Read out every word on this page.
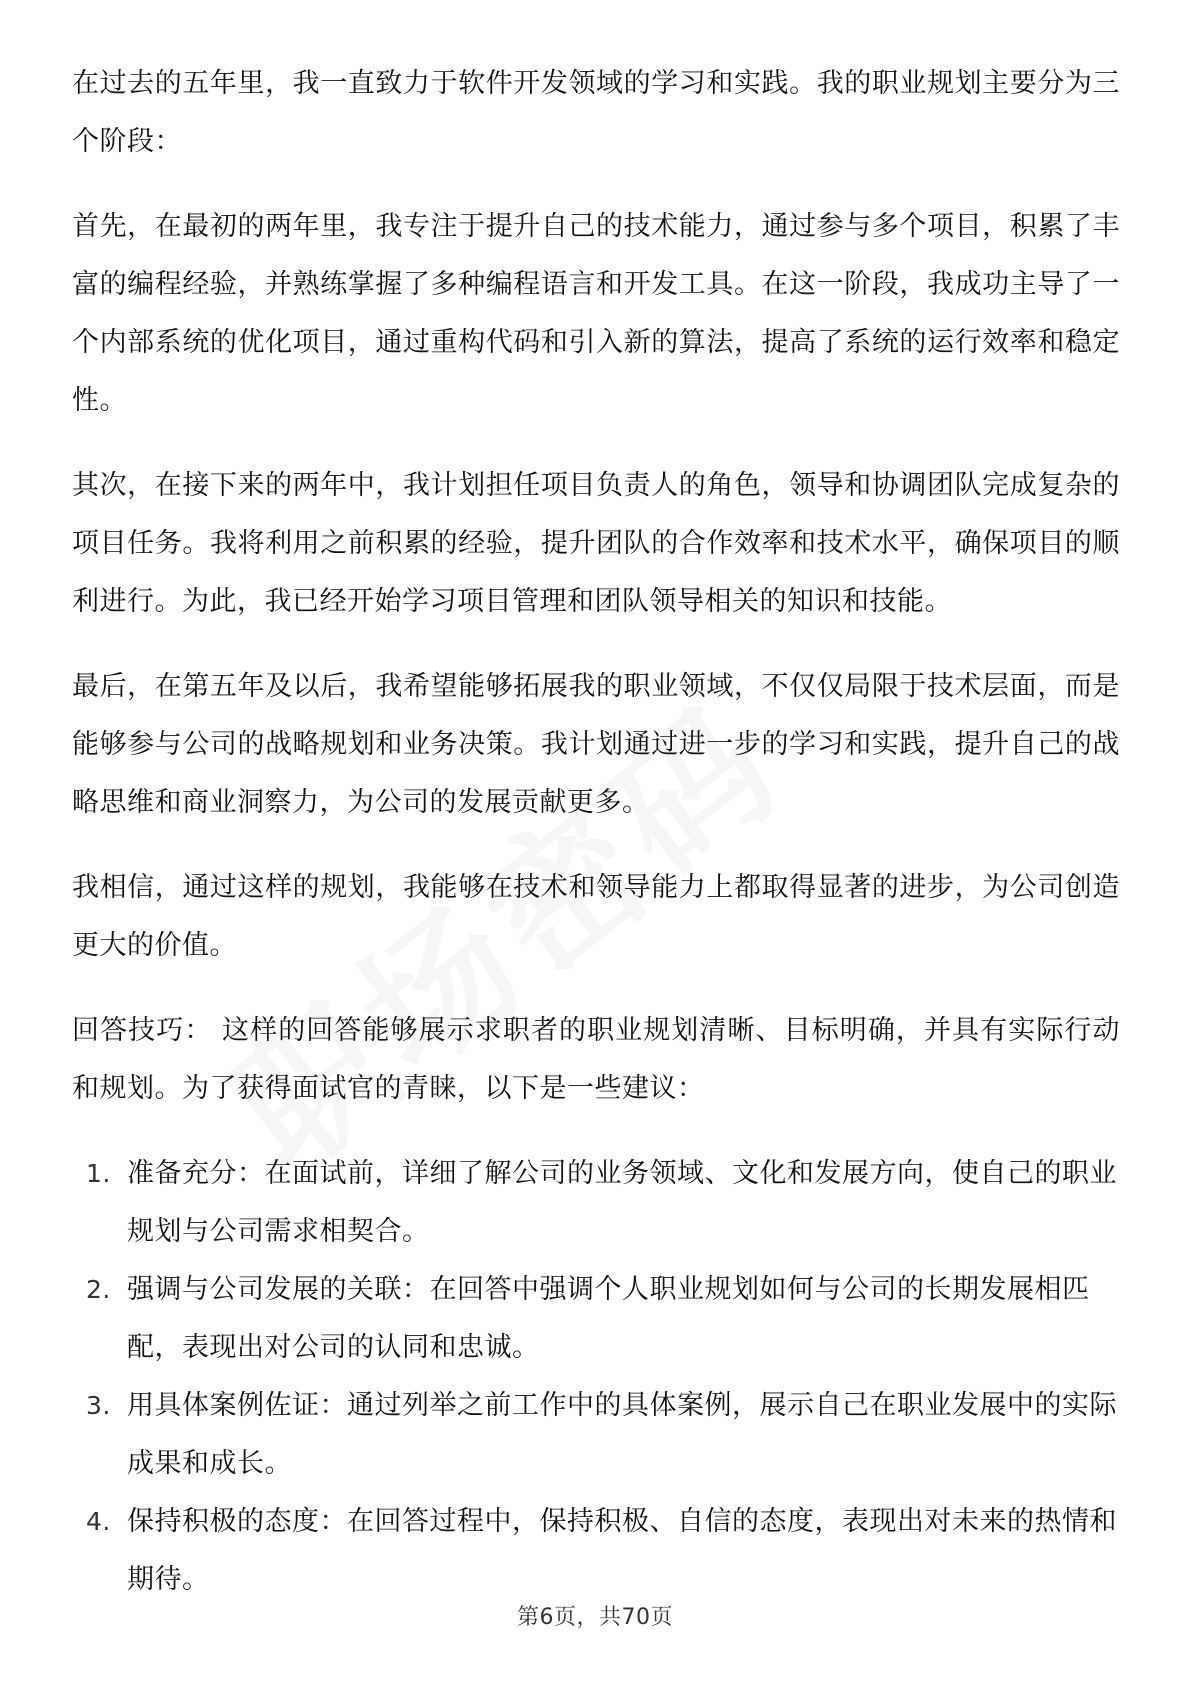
在过去的五年里，我一直致力于软件开发领域的学习和实践。我的职业规划主要分为三个阶段：

首先，在最初的两年里，我专注于提升自己的技术能力，通过参与多个项目，积累了丰富的编程经验，并熟练掌握了多种编程语言和开发工具。在这一阶段，我成功主导了一个内部系统的优化项目，通过重构代码和引入新的算法，提高了系统的运行效率和稳定性。

其次，在接下来的两年中，我计划担任项目负责人的角色，领导和协调团队完成复杂的项目任务。我将利用之前积累的经验，提升团队的合作效率和技术水平，确保项目的顺利进行。为此，我已经开始学习项目管理和团队领导相关的知识和技能。

最后，在第五年及以后，我希望能够拓展我的职业领域，不仅仅局限于技术层面，而是能够参与公司的战略规划和业务决策。我计划通过进一步的学习和实践，提升自己的战略思维和商业洞察力，为公司的发展贡献更多。

我相信，通过这样的规划，我能够在技术和领导能力上都取得显著的进步，为公司创造更大的价值。

回答技巧： 这样的回答能够展示求职者的职业规划清晰、目标明确，并具有实际行动和规划。为了获得面试官的青睐，以下是一些建议：

1. 准备充分：在面试前，详细了解公司的业务领域、文化和发展方向，使自己的职业规划与公司需求相契合。
2. 强调与公司发展的关联：在回答中强调个人职业规划如何与公司的长期发展相匹配，表现出对公司的认同和忠诚。
3. 用具体案例佐证：通过列举之前工作中的具体案例，展示自己在职业发展中的实际成果和成长。
4. 保持积极的态度：在回答过程中，保持积极、自信的态度，表现出对未来的热情和期待。
第6页，共70页
